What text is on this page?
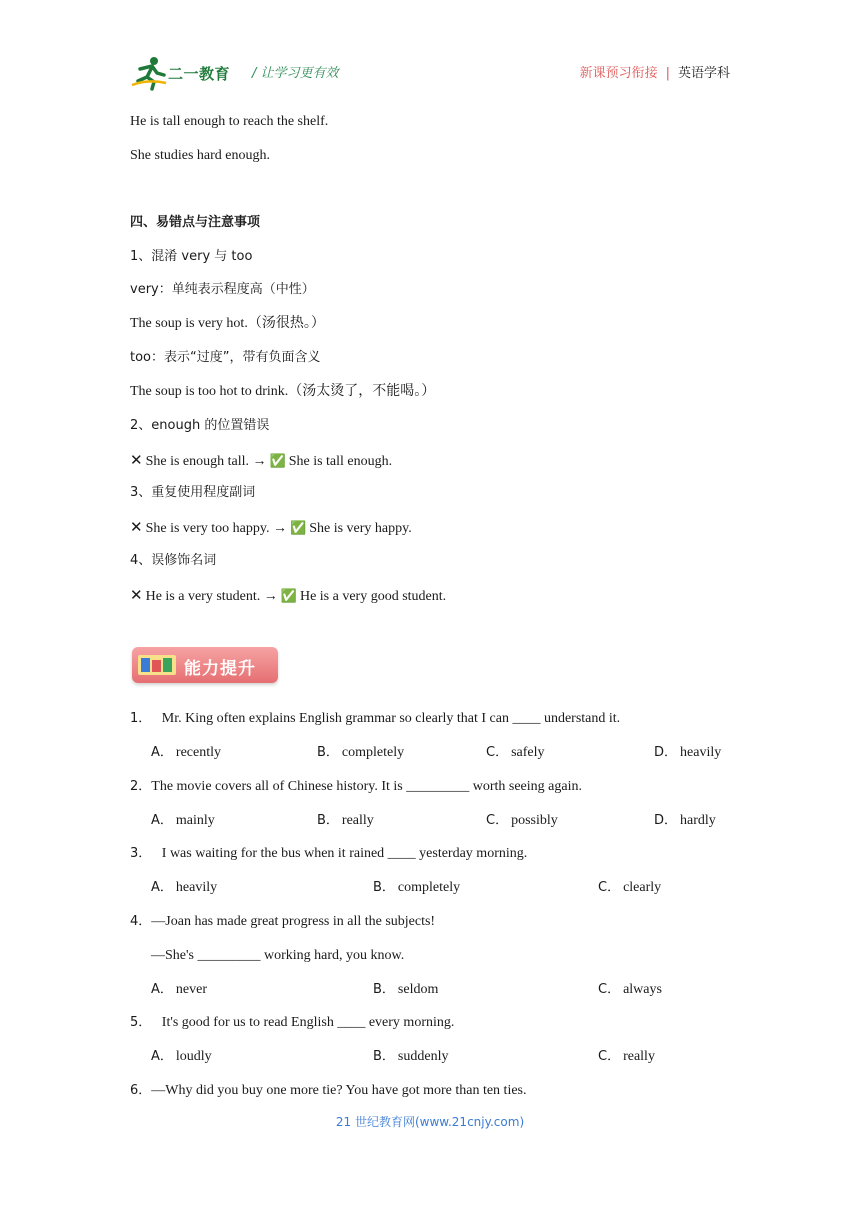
二一教育 / 让学习更有效	新课预习衔接 | 英语学科
He is tall enough to reach the shelf.
She studies hard enough.
四、易错点与注意事项
1、混淆 very 与 too
very：单纯表示程度高（中性）
The soup is very hot.（汤很热。）
too：表示“过度”，带有负面含义
The soup is too hot to drink.（汤太烫了，不能喝。）
2、enough 的位置错误
✕ She is enough tall. → ✅ She is tall enough.
3、重复使用程度副词
✕ She is very too happy. → ✅ She is very happy.
4、误修饰名词
✕ He is a very student. → ✅ He is a very good student.
能力提升
1． Mr. King often explains English grammar so clearly that I can ____ understand it.
A． recently	B． completely	C． safely	D． heavily
2．The movie covers all of Chinese history. It is _________ worth seeing again.
A． mainly	B． really	C． possibly	D． hardly
3． I was waiting for the bus when it rained ____ yesterday morning.
A． heavily	B． completely	C． clearly
4．—Joan has made great progress in all the subjects!
—She's _________ working hard, you know.
A． never	B． seldom	C． always
5． It's good for us to read English ____ every morning.
A． loudly	B． suddenly	C． really
6．—Why did you buy one more tie? You have got more than ten ties.
21 世纪教育网(www.21cnjy.com)
